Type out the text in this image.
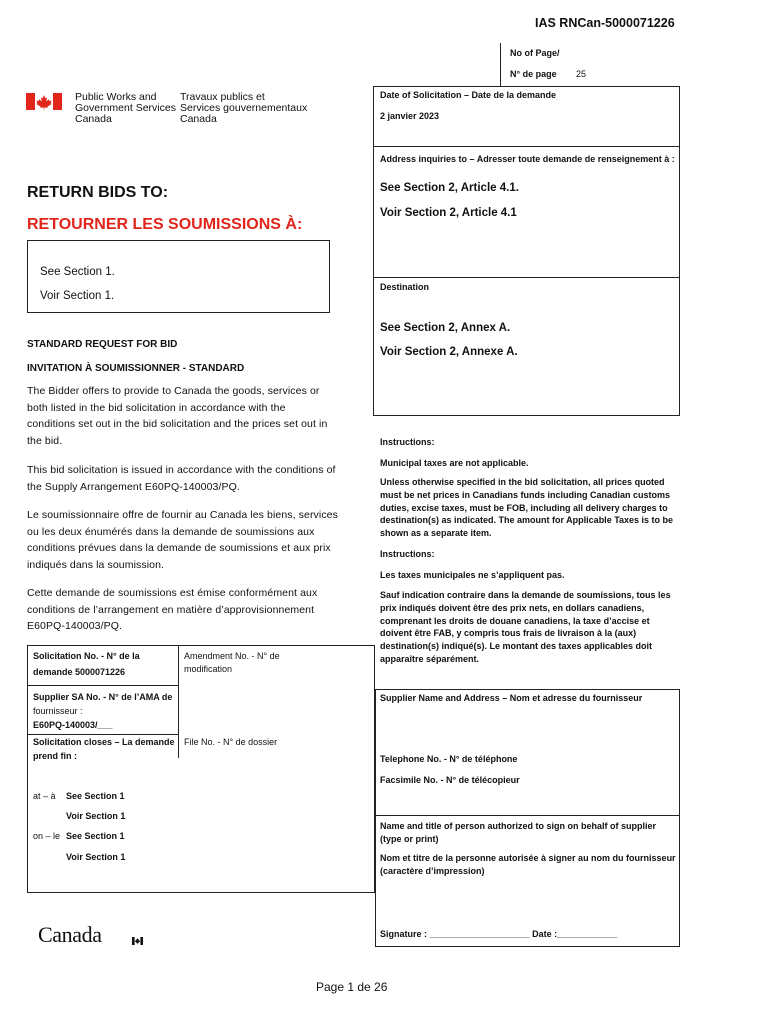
IAS RNCan-5000071226
No of Page/
N° de page 25
Public Works and
Government Services
Canada
Travaux publics et
Services gouvernementaux
Canada
Date of Solicitation – Date de la demande
2 janvier 2023
Address inquiries to – Adresser toute demande de renseignement à :
See Section 2, Article 4.1.
Voir Section 2, Article 4.1
Destination
See Section 2, Annex A.
Voir Section 2, Annexe A.
RETURN BIDS TO:
RETOURNER LES SOUMISSIONS À:
See Section 1.
Voir Section 1.
STANDARD REQUEST FOR BID
INVITATION À SOUMISSIONNER - STANDARD
The Bidder offers to provide to Canada the goods, services or
both listed in the bid solicitation in accordance with the
conditions set out in the bid solicitation and the prices set out in
the bid.
This bid solicitation is issued in accordance with the conditions of
the Supply Arrangement E60PQ-140003/PQ.
Le soumissionnaire offre de fournir au Canada les biens, services
ou les deux énumérés dans la demande de soumissions aux
conditions prévues dans la demande de soumissions et aux prix
indiqués dans la soumission.
Cette demande de soumissions est émise conformément aux
conditions de l’arrangement en matière d’approvisionnement
E60PQ-140003/PQ.
Solicitation No. - N° de la
demande 5000071226
Amendment No. - N° de
modification
Supplier SA No. - N° de l’AMA de
fournisseur :
E60PQ-140003/___
Solicitation closes – La demande
prend fin :
File No. - N° de dossier
at – à See Section 1
Voir Section 1
on – le See Section 1
Voir Section 1
Instructions:
Municipal taxes are not applicable.
Unless otherwise specified in the bid solicitation, all prices quoted
must be net prices in Canadians funds including Canadian customs
duties, excise taxes, must be FOB, including all delivery charges to
destination(s) as indicated. The amount for Applicable Taxes is to be
shown as a separate item.
Instructions:
Les taxes municipales ne s’appliquent pas.
Sauf indication contraire dans la demande de soumissions, tous les
prix indiqués doivent être des prix nets, en dollars canadiens,
comprenant les droits de douane canadiens, la taxe d’accise et
doivent être FAB, y compris tous frais de livraison à la (aux)
destination(s) indiqué(s). Le montant des taxes applicables doit
apparaître séparément.
Supplier Name and Address – Nom et adresse du fournisseur
Telephone No. - N° de téléphone
Facsimile No. - N° de télécopieur
Name and title of person authorized to sign on behalf of supplier
(type or print)
Nom et titre de la personne autorisée à signer au nom du fournisseur
(caractère d’impression)
Signature : ____________________ Date :____________
Canada
Page 1 de 26
